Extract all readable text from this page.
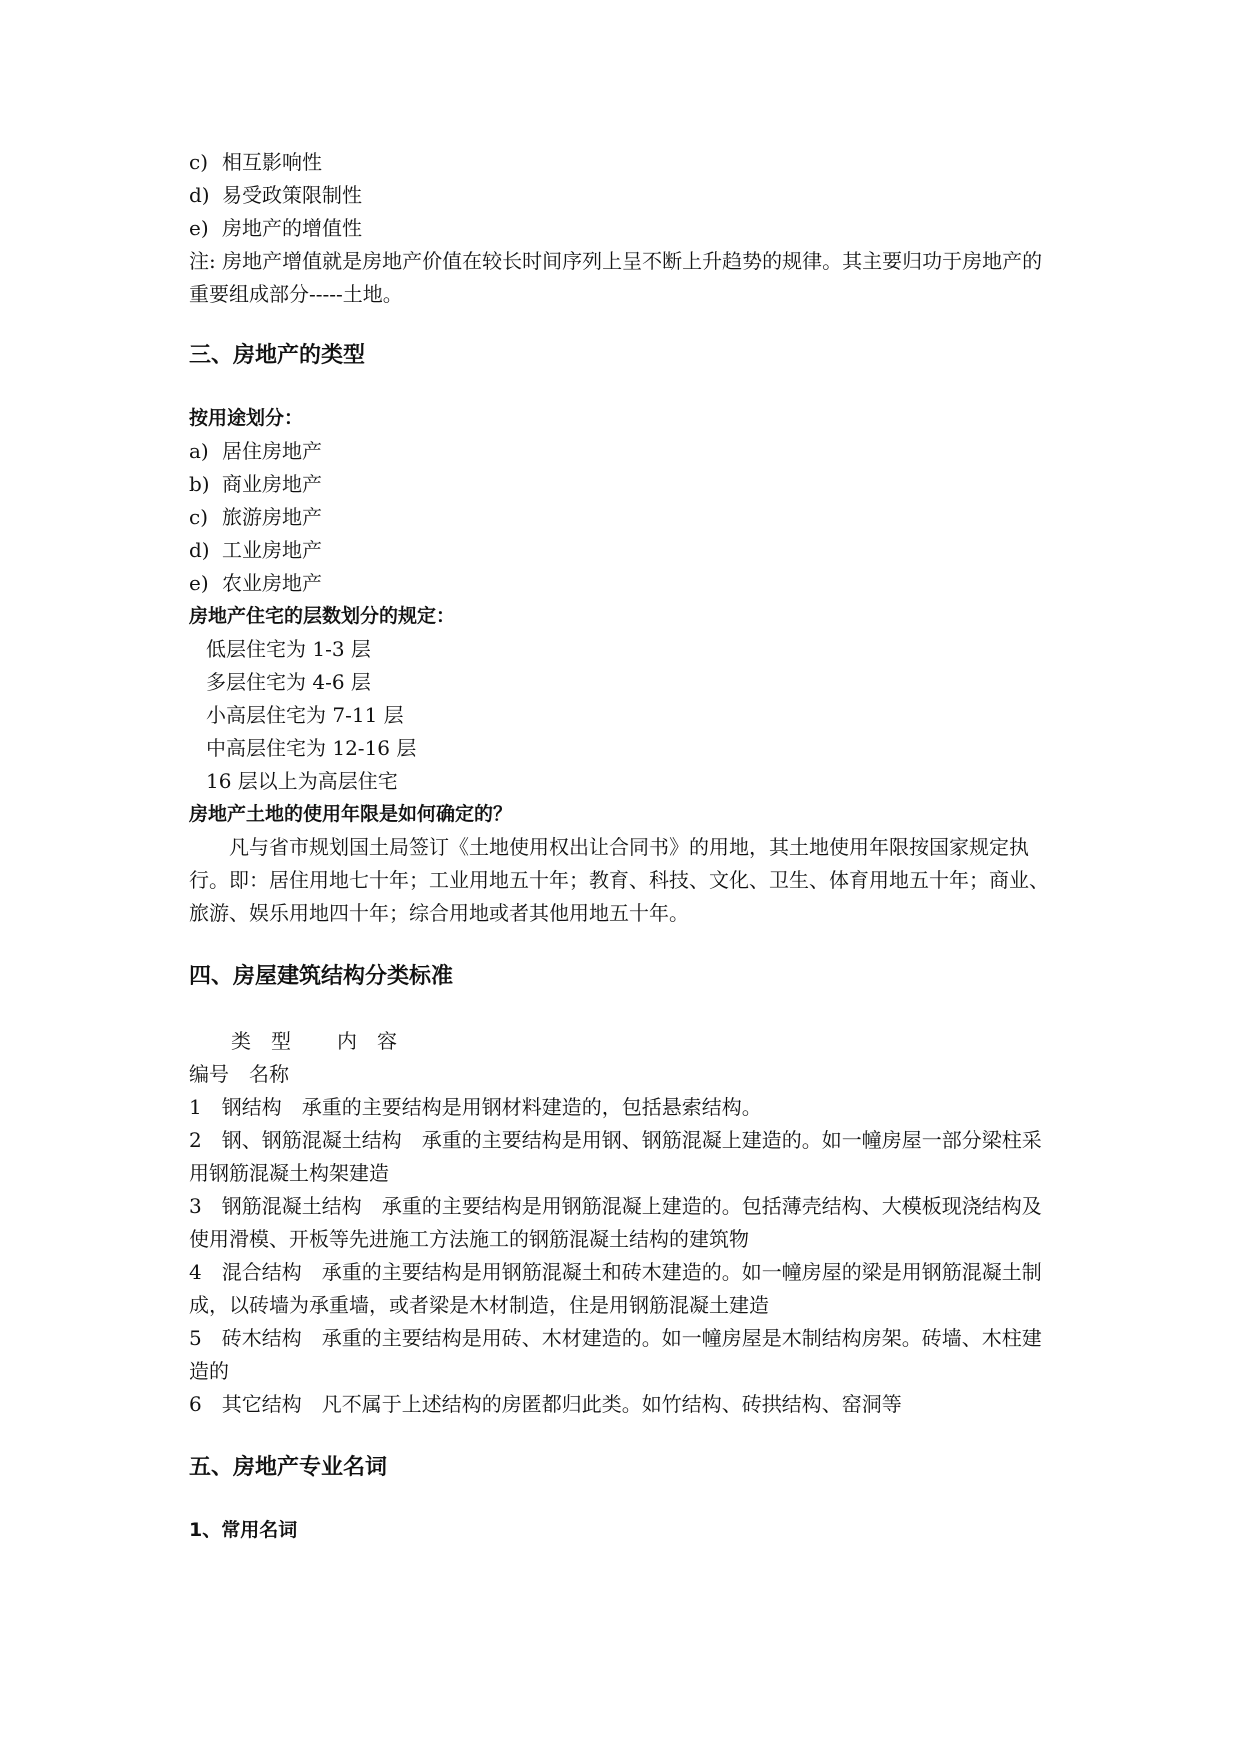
c) 相互影响性

d) 易受政策限制性

e) 房地产的增值性

注: 房地产增值就是房地产价值在较长时间序列上呈不断上升趋势的规律。其主要归功于房地产的重要组成部分-----土地。

三、房地产的类型

按用途划分：

a) 居住房地产

b) 商业房地产

c) 旅游房地产

d) 工业房地产

e) 农业房地产

房地产住宅的层数划分的规定：

低层住宅为 1-3 层

多层住宅为 4-6 层

小高层住宅为 7-11 层

中高层住宅为 12-16 层

16 层以上为高层住宅

房地产土地的使用年限是如何确定的？

凡与省市规划国土局签订《土地使用权出让合同书》的用地，其土地使用年限按国家规定执行。即：居住用地七十年；工业用地五十年；教育、科技、文化、卫生、体育用地五十年；商业、旅游、娱乐用地四十年；综合用地或者其他用地五十年。

四、房屋建筑结构分类标准

类　型 内　容

编号　名称

1　钢结构　承重的主要结构是用钢材料建造的，包括悬索结构。

2　钢、钢筋混凝土结构　承重的主要结构是用钢、钢筋混凝上建造的。如一幢房屋一部分梁柱采用钢筋混凝土构架建造

3　钢筋混凝土结构　承重的主要结构是用钢筋混凝上建造的。包括薄壳结构、大模板现浇结构及使用滑模、开板等先进施工方法施工的钢筋混凝土结构的建筑物

4　混合结构　承重的主要结构是用钢筋混凝土和砖木建造的。如一幢房屋的梁是用钢筋混凝土制成，以砖墙为承重墙，或者梁是木材制造，住是用钢筋混凝土建造

5　砖木结构　承重的主要结构是用砖、木材建造的。如一幢房屋是木制结构房架。砖墙、木柱建造的

6　其它结构　凡不属于上述结构的房匿都归此类。如竹结构、砖拱结构、窑洞等

五、房地产专业名词

1、常用名词
